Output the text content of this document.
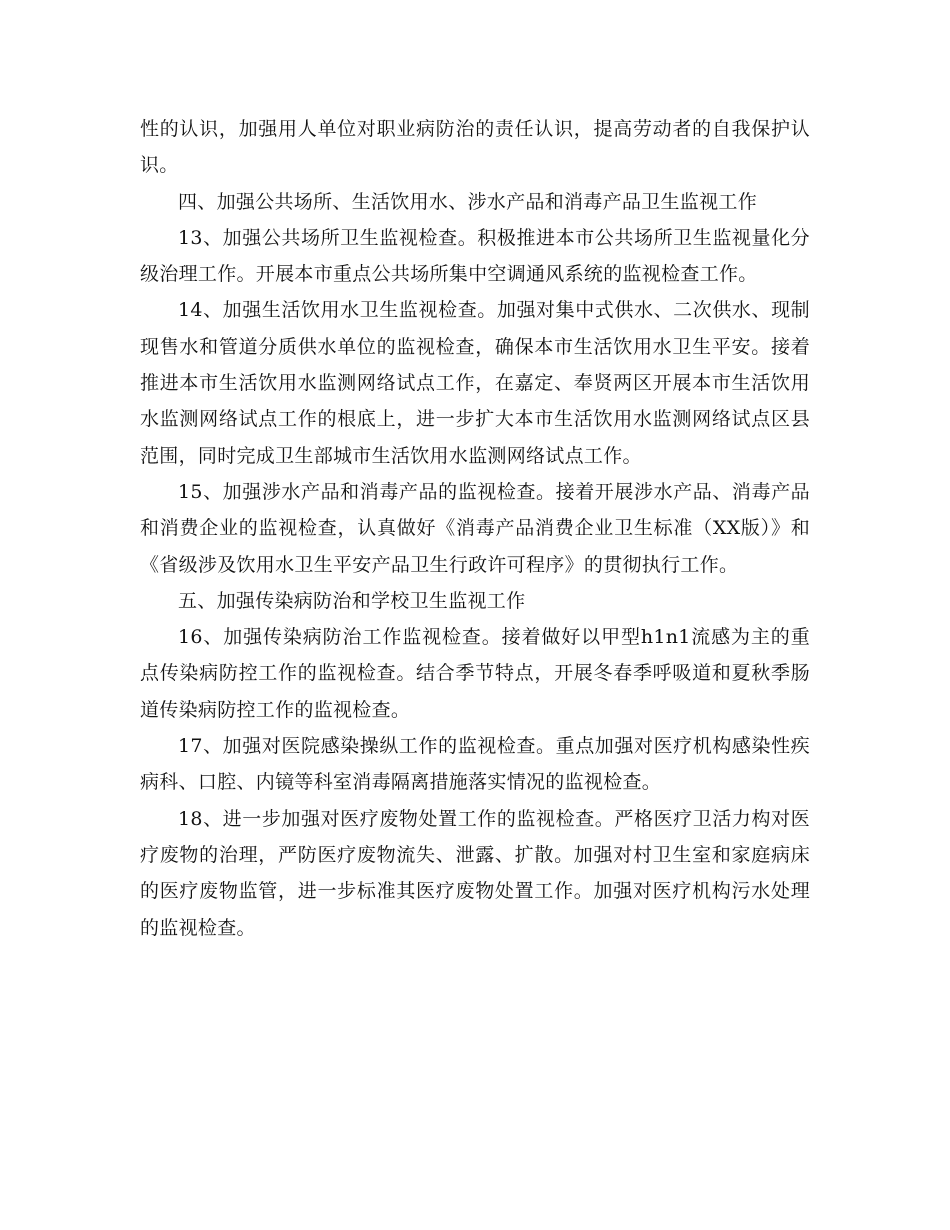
性的认识，加强用人单位对职业病防治的责任认识，提高劳动者的自我保护认识。

四、加强公共场所、生活饮用水、涉水产品和消毒产品卫生监视工作

13、加强公共场所卫生监视检查。积极推进本市公共场所卫生监视量化分级治理工作。开展本市重点公共场所集中空调通风系统的监视检查工作。

14、加强生活饮用水卫生监视检查。加强对集中式供水、二次供水、现制现售水和管道分质供水单位的监视检查，确保本市生活饮用水卫生平安。接着推进本市生活饮用水监测网络试点工作，在嘉定、奉贤两区开展本市生活饮用水监测网络试点工作的根底上，进一步扩大本市生活饮用水监测网络试点区县范围，同时完成卫生部城市生活饮用水监测网络试点工作。

15、加强涉水产品和消毒产品的监视检查。接着开展涉水产品、消毒产品和消费企业的监视检查，认真做好《消毒产品消费企业卫生标准（XX版）》和《省级涉及饮用水卫生平安产品卫生行政许可程序》的贯彻执行工作。

五、加强传染病防治和学校卫生监视工作

16、加强传染病防治工作监视检查。接着做好以甲型h1n1流感为主的重点传染病防控工作的监视检查。结合季节特点，开展冬春季呼吸道和夏秋季肠道传染病防控工作的监视检查。

17、加强对医院感染操纵工作的监视检查。重点加强对医疗机构感染性疾病科、口腔、内镜等科室消毒隔离措施落实情况的监视检查。

18、进一步加强对医疗废物处置工作的监视检查。严格医疗卫活力构对医疗废物的治理，严防医疗废物流失、泄露、扩散。加强对村卫生室和家庭病床的医疗废物监管，进一步标准其医疗废物处置工作。加强对医疗机构污水处理的监视检查。
